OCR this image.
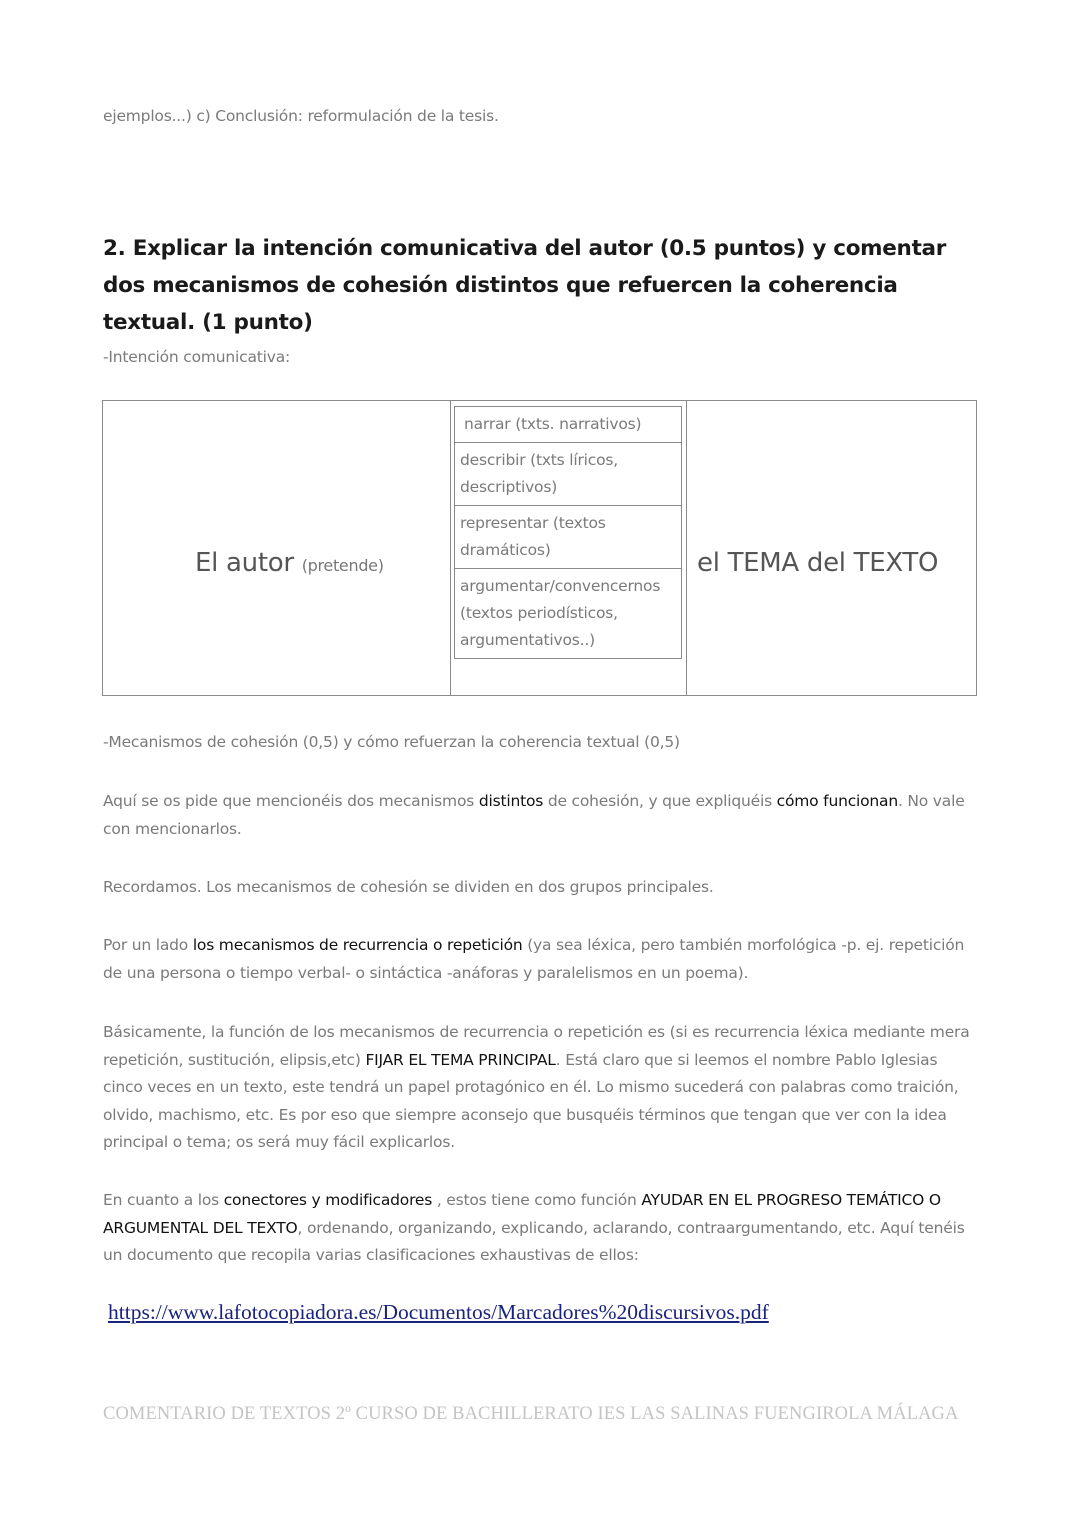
ejemplos...) c) Conclusión: reformulación de la tesis.

2. Explicar la intención comunicativa del autor (0.5 puntos) y comentar dos mecanismos de cohesión distintos que refuercen la coherencia textual. (1 punto)

-Intención comunicativa:

El autor (pretende)
narrar (txts. narrativos)
describir (txts líricos, descriptivos)
representar (textos dramáticos)
argumentar/convencernos (textos periodísticos, argumentativos..)
el TEMA del TEXTO

-Mecanismos de cohesión (0,5) y cómo refuerzan la coherencia textual (0,5)

Aquí se os pide que mencionéis dos mecanismos distintos de cohesión, y que expliquéis cómo funcionan. No vale con mencionarlos.

Recordamos. Los mecanismos de cohesión se dividen en dos grupos principales.

Por un lado los mecanismos de recurrencia o repetición (ya sea léxica, pero también morfológica -p. ej. repetición de una persona o tiempo verbal- o sintáctica -anáforas y paralelismos en un poema).

Básicamente, la función de los mecanismos de recurrencia o repetición es (si es recurrencia léxica mediante mera repetición, sustitución, elipsis,etc) FIJAR EL TEMA PRINCIPAL. Está claro que si leemos el nombre Pablo Iglesias cinco veces en un texto, este tendrá un papel protagónico en él. Lo mismo sucederá con palabras como traición, olvido, machismo, etc. Es por eso que siempre aconsejo que busquéis términos que tengan que ver con la idea principal o tema; os será muy fácil explicarlos.

En cuanto a los conectores y modificadores , estos tiene como función AYUDAR EN EL PROGRESO TEMÁTICO O ARGUMENTAL DEL TEXTO, ordenando, organizando, explicando, aclarando, contraargumentando, etc. Aquí tenéis un documento que recopila varias clasificaciones exhaustivas de ellos:

https://www.lafotocopiadora.es/Documentos/Marcadores%20discursivos.pdf
COMENTARIO DE TEXTOS 2º CURSO DE BACHILLERATO IES LAS SALINAS FUENGIROLA MÁLAGA
